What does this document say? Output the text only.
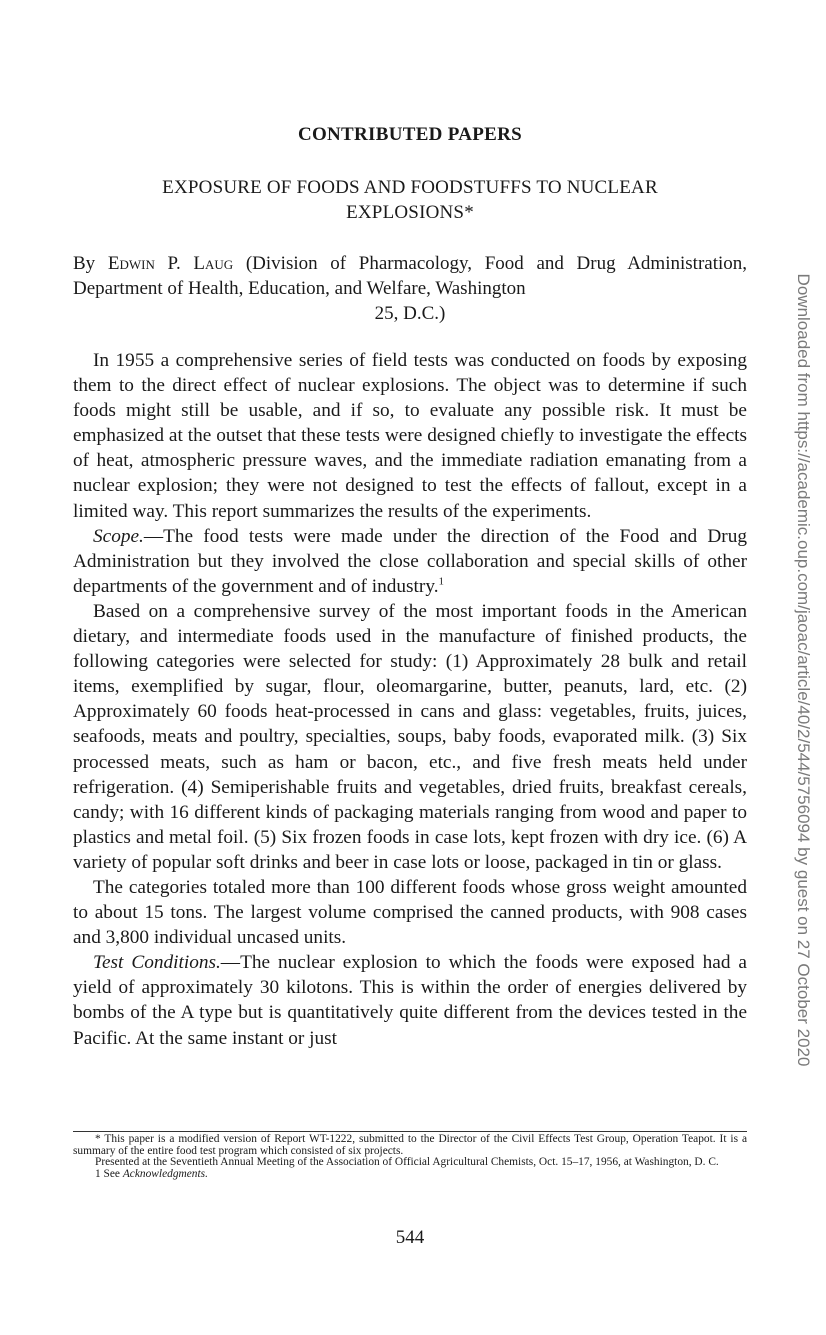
CONTRIBUTED PAPERS
EXPOSURE OF FOODS AND FOODSTUFFS TO NUCLEAR
EXPLOSIONS*
By Edwin P. Laug (Division of Pharmacology, Food and Drug Administration, Department of Health, Education, and Welfare, Washington
25, D.C.)

In 1955 a comprehensive series of field tests was conducted on foods by exposing them to the direct effect of nuclear explosions. The object was to determine if such foods might still be usable, and if so, to evaluate any possible risk. It must be emphasized at the outset that these tests were designed chiefly to investigate the effects of heat, atmospheric pressure waves, and the immediate radiation emanating from a nuclear explosion; they were not designed to test the effects of fallout, except in a limited way. This report summarizes the results of the experiments.

Scope.—The food tests were made under the direction of the Food and Drug Administration but they involved the close collaboration and special skills of other departments of the government and of industry.$^1$

Based on a comprehensive survey of the most important foods in the American dietary, and intermediate foods used in the manufacture of finished products, the following categories were selected for study: (1) Approximately 28 bulk and retail items, exemplified by sugar, flour, oleomargarine, butter, peanuts, lard, etc. (2) Approximately 60 foods heat-processed in cans and glass: vegetables, fruits, juices, seafoods, meats and poultry, specialties, soups, baby foods, evaporated milk. (3) Six processed meats, such as ham or bacon, etc., and five fresh meats held under refrigeration. (4) Semiperishable fruits and vegetables, dried fruits, breakfast cereals, candy; with 16 different kinds of packaging materials ranging from wood and paper to plastics and metal foil. (5) Six frozen foods in case lots, kept frozen with dry ice. (6) A variety of popular soft drinks and beer in case lots or loose, packaged in tin or glass.

The categories totaled more than 100 different foods whose gross weight amounted to about 15 tons. The largest volume comprised the canned products, with 908 cases and 3,800 individual uncased units.

Test Conditions.—The nuclear explosion to which the foods were exposed had a yield of approximately 30 kilotons. This is within the order of energies delivered by bombs of the A type but is quantitatively quite different from the devices tested in the Pacific. At the same instant or just

* This paper is a modified version of Report WT-1222, submitted to the Director of the Civil Effects Test Group, Operation Teapot. It is a summary of the entire food test program which consisted of six projects.

Presented at the Seventieth Annual Meeting of the Association of Official Agricultural Chemists, Oct. 15–17, 1956, at Washington, D. C.

1 See Acknowledgments.

544
Downloaded from https://academic.oup.com/jaoac/article/40/2/544/5756094 by guest on 27 October 2020
